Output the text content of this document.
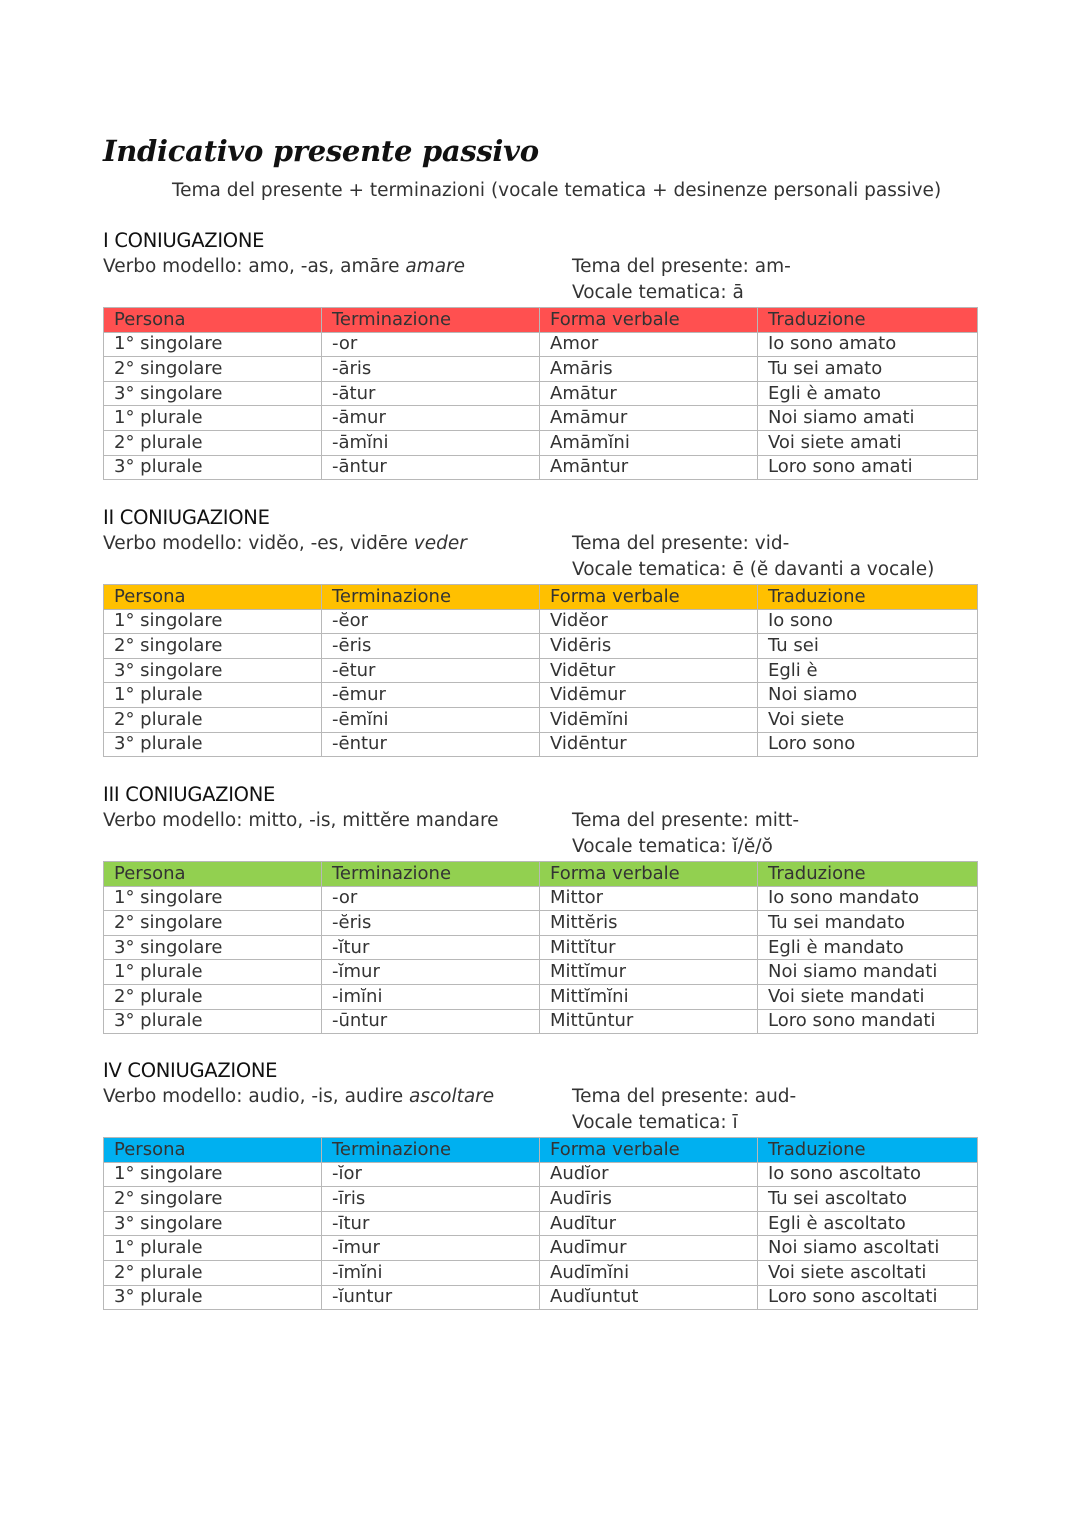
Indicativo presente passivo
Tema del presente + terminazioni (vocale tematica + desinenze personali passive)
I CONIUGAZIONE
Verbo modello: amo, -as, amāre amare	Tema del presente: am-
Vocale tematica: ā
Persona	Terminazione	Forma verbale	Traduzione
1° singolare	-or	Amor	Io sono amato
2° singolare	-āris	Amāris	Tu sei amato
3° singolare	-ātur	Amātur	Egli è amato
1° plurale	-āmur	Amāmur	Noi siamo amati
2° plurale	-āmĭni	Amāmĭni	Voi siete amati
3° plurale	-āntur	Amāntur	Loro sono amati
II CONIUGAZIONE
Verbo modello: vidĕo, -es, vidēre veder	Tema del presente: vid-
Vocale tematica: ē (ĕ davanti a vocale)
Persona	Terminazione	Forma verbale	Traduzione
1° singolare	-ĕor	Vidĕor	Io sono
2° singolare	-ēris	Vidēris	Tu sei
3° singolare	-ētur	Vidētur	Egli è
1° plurale	-ēmur	Vidēmur	Noi siamo
2° plurale	-ēmĭni	Vidēmĭni	Voi siete
3° plurale	-ēntur	Vidēntur	Loro sono
III CONIUGAZIONE
Verbo modello: mitto, -is, mittĕre mandare	Tema del presente: mitt-
Vocale tematica: ĭ/ĕ/ŏ
Persona	Terminazione	Forma verbale	Traduzione
1° singolare	-or	Mittor	Io sono mandato
2° singolare	-ĕris	Mittĕris	Tu sei mandato
3° singolare	-ĭtur	Mittĭtur	Egli è mandato
1° plurale	-ĭmur	Mittĭmur	Noi siamo mandati
2° plurale	-imĭni	Mittĭmĭni	Voi siete mandati
3° plurale	-ūntur	Mittūntur	Loro sono mandati
IV CONIUGAZIONE
Verbo modello: audio, -is, audire ascoltare	Tema del presente: aud-
Vocale tematica: ī
Persona	Terminazione	Forma verbale	Traduzione
1° singolare	-ĭor	Audĭor	Io sono ascoltato
2° singolare	-īris	Audīris	Tu sei ascoltato
3° singolare	-ītur	Audītur	Egli è ascoltato
1° plurale	-īmur	Audīmur	Noi siamo ascoltati
2° plurale	-īmĭni	Audīmĭni	Voi siete ascoltati
3° plurale	-ĭuntur	Audĭuntut	Loro sono ascoltati
